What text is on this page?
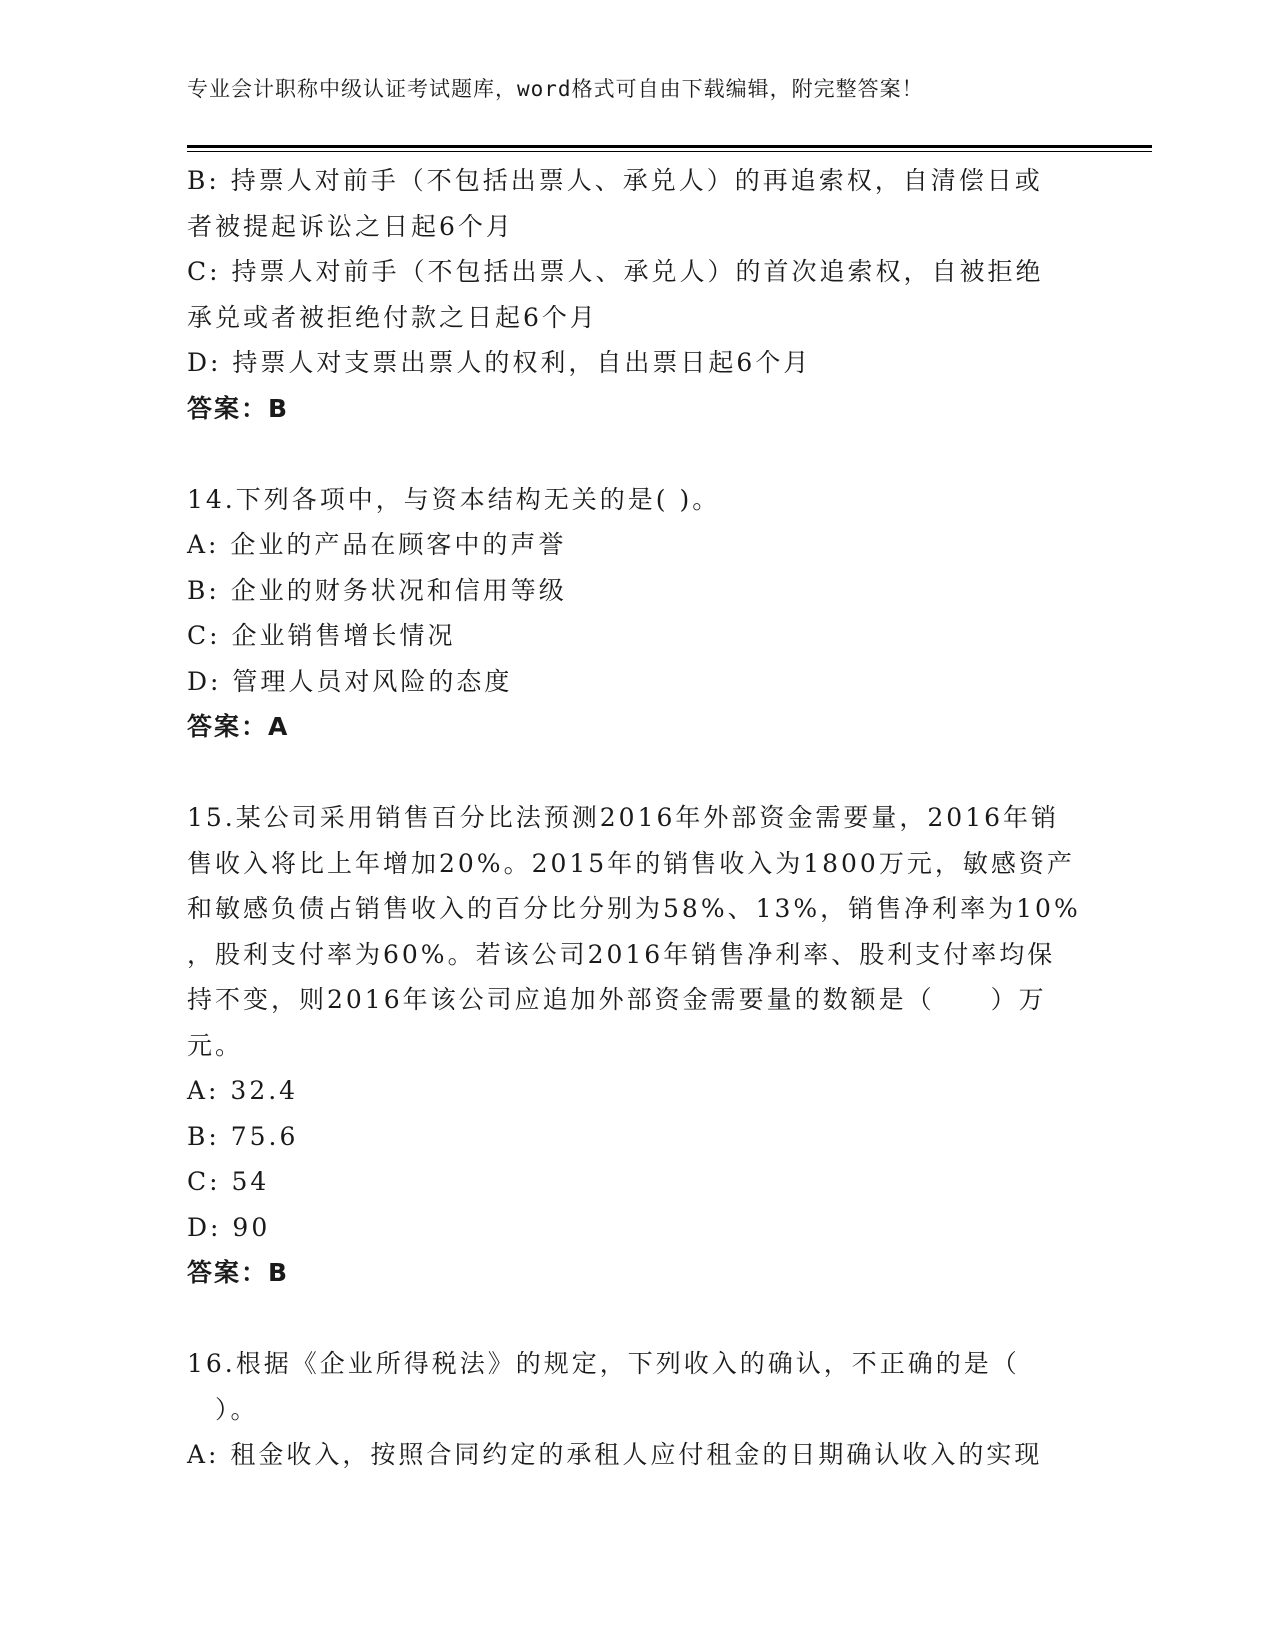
专业会计职称中级认证考试题库，word格式可自由下载编辑，附完整答案！
B: 持票人对前手（不包括出票人、承兑人）的再追索权，自清偿日或
者被提起诉讼之日起6个月
C: 持票人对前手（不包括出票人、承兑人）的首次追索权，自被拒绝
承兑或者被拒绝付款之日起6个月
D: 持票人对支票出票人的权利，自出票日起6个月
答案：B
14.下列各项中，与资本结构无关的是( )。
A: 企业的产品在顾客中的声誉
B: 企业的财务状况和信用等级
C: 企业销售增长情况
D: 管理人员对风险的态度
答案：A
15.某公司采用销售百分比法预测2016年外部资金需要量，2016年销
售收入将比上年增加20%。2015年的销售收入为1800万元，敏感资产
和敏感负债占销售收入的百分比分别为58%、13%，销售净利率为10%
，股利支付率为60%。若该公司2016年销售净利率、股利支付率均保
持不变，则2016年该公司应追加外部资金需要量的数额是（　　）万
元。
A: 32.4
B: 75.6
C: 54
D: 90
答案：B
16.根据《企业所得税法》的规定，下列收入的确认，不正确的是（
　）。
A: 租金收入，按照合同约定的承租人应付租金的日期确认收入的实现
